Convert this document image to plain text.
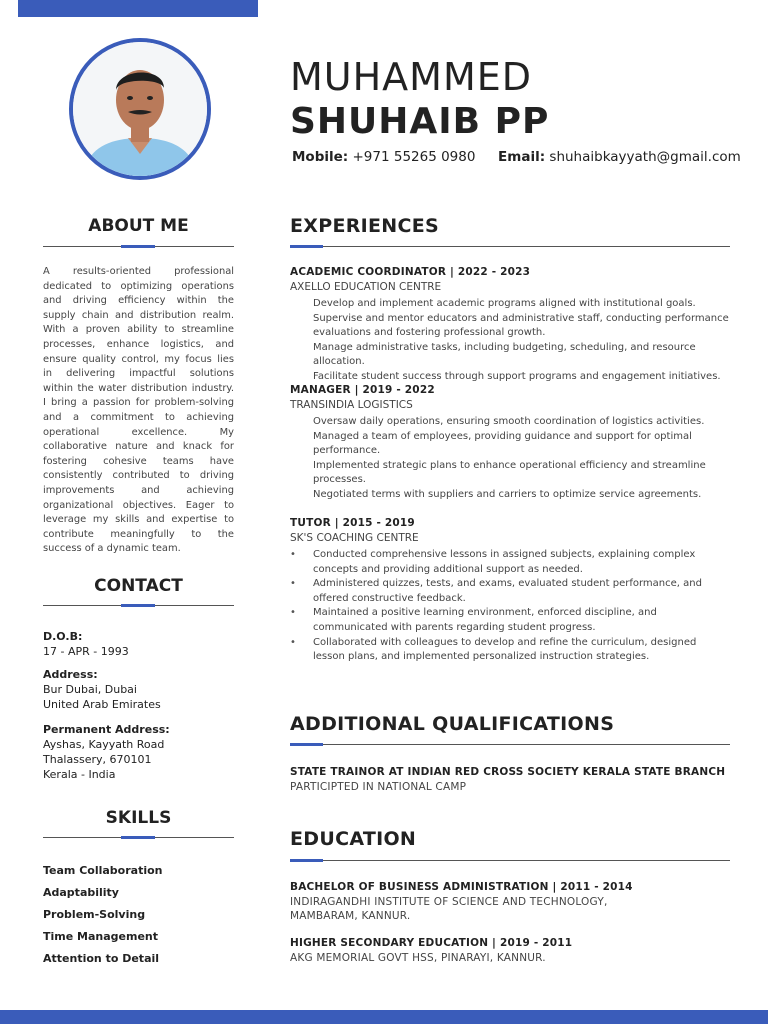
MUHAMMED
SHUHAIB PP
Mobile: +971 55265 0980 Email: shuhaibkayyath@gmail.com
ABOUT ME
A results-oriented professional dedicated to optimizing operations and driving efficiency within the supply chain and distribution realm. With a proven ability to streamline processes, enhance logistics, and ensure quality control, my focus lies in delivering impactful solutions within the water distribution industry. I bring a passion for problem-solving and a commitment to achieving operational excellence. My collaborative nature and knack for fostering cohesive teams have consistently contributed to driving improvements and achieving organizational objectives. Eager to leverage my skills and expertise to contribute meaningfully to the success of a dynamic team.
CONTACT
D.O.B:
17 - APR - 1993
Address:
Bur Dubai, Dubai
United Arab Emirates
Permanent Address:
Ayshas, Kayyath Road
Thalassery, 670101
Kerala - India
SKILLS
Team Collaboration
Adaptability
Problem-Solving
Time Management
Attention to Detail
EXPERIENCES
ACADEMIC COORDINATOR | 2022 - 2023
AXELLO EDUCATION CENTRE
Develop and implement academic programs aligned with institutional goals.
Supervise and mentor educators and administrative staff, conducting performance evaluations and fostering professional growth.
Manage administrative tasks, including budgeting, scheduling, and resource allocation.
Facilitate student success through support programs and engagement initiatives.
MANAGER | 2019 - 2022
TRANSINDIA LOGISTICS
Oversaw daily operations, ensuring smooth coordination of logistics activities.
Managed a team of employees, providing guidance and support for optimal performance.
Implemented strategic plans to enhance operational efficiency and streamline processes.
Negotiated terms with suppliers and carriers to optimize service agreements.
TUTOR | 2015 - 2019
SK'S COACHING CENTRE
• Conducted comprehensive lessons in assigned subjects, explaining complex concepts and providing additional support as needed.
• Administered quizzes, tests, and exams, evaluated student performance, and offered constructive feedback.
• Maintained a positive learning environment, enforced discipline, and communicated with parents regarding student progress.
• Collaborated with colleagues to develop and refine the curriculum, designed lesson plans, and implemented personalized instruction strategies.
ADDITIONAL QUALIFICATIONS
STATE TRAINOR AT INDIAN RED CROSS SOCIETY KERALA STATE BRANCH
PARTICIPTED IN NATIONAL CAMP
EDUCATION
BACHELOR OF BUSINESS ADMINISTRATION | 2011 - 2014
INDIRAGANDHI INSTITUTE OF SCIENCE AND TECHNOLOGY,
MAMBARAM, KANNUR.
HIGHER SECONDARY EDUCATION | 2019 - 2011
AKG MEMORIAL GOVT HSS, PINARAYI, KANNUR.
